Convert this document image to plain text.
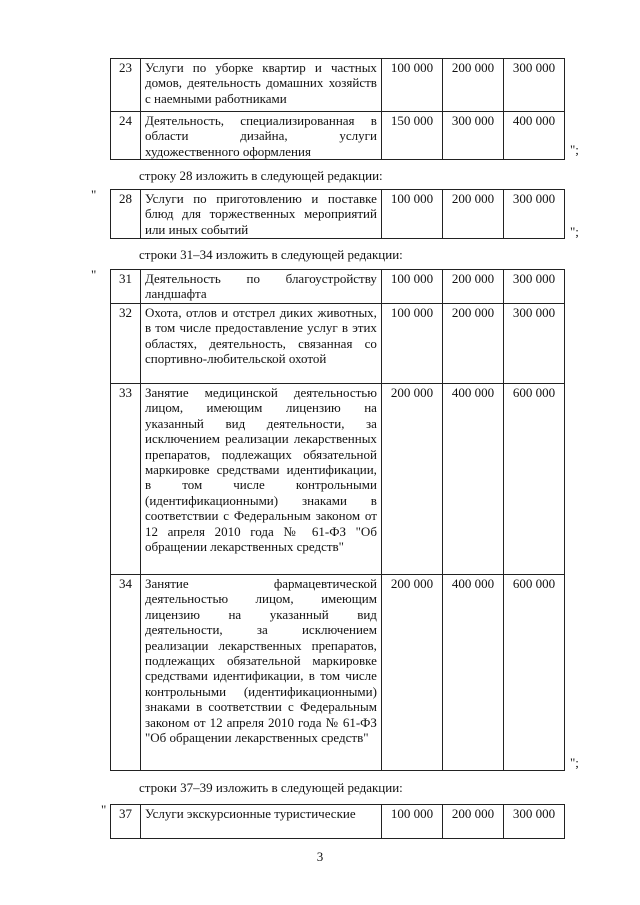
23	Услуги по уборке квартир и частных домов, деятельность домашних хозяйств с наемными работниками	100 000	200 000	300 000
24	Деятельность, специализированная в области дизайна, услуги художественного оформления	150 000	300 000	400 000
";
строку 28 изложить в следующей редакции:
" 28	Услуги по приготовлению и поставке блюд для торжественных мероприятий или иных событий	100 000	200 000	300 000
";
строки 31–34 изложить в следующей редакции:
" 31	Деятельность по благоустройству ландшафта	100 000	200 000	300 000
32	Охота, отлов и отстрел диких животных, в том числе предоставление услуг в этих областях, деятельность, связанная со спортивно-любительской охотой	100 000	200 000	300 000
33	Занятие медицинской деятельностью лицом, имеющим лицензию на указанный вид деятельности, за исключением реализации лекарственных препаратов, подлежащих обязательной маркировке средствами идентификации, в том числе контрольными (идентификационными) знаками в соответствии с Федеральным законом от 12 апреля 2010 года № 61-ФЗ "Об обращении лекарственных средств"	200 000	400 000	600 000
34	Занятие фармацевтической деятельностью лицом, имеющим лицензию на указанный вид деятельности, за исключением реализации лекарственных препаратов, подлежащих обязательной маркировке средствами идентификации, в том числе контрольными (идентификационными) знаками в соответствии с Федеральным законом от 12 апреля 2010 года № 61-ФЗ "Об обращении лекарственных средств"	200 000	400 000	600 000
";
строки 37–39 изложить в следующей редакции:
" 37	Услуги экскурсионные туристические	100 000	200 000	300 000
3
